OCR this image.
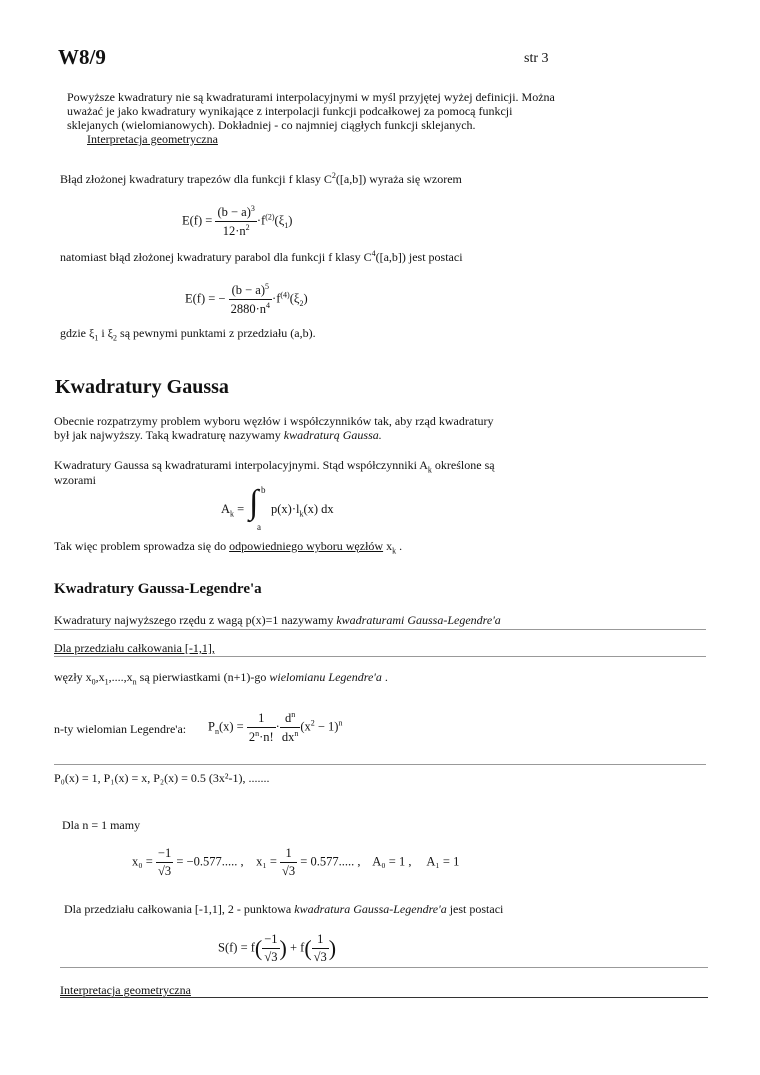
W8/9	str 3
Powyższe kwadratury nie są kwadraturami interpolacyjnymi w myśl przyjętej wyżej definicji. Można
uważać je jako kwadratury wynikające z interpolacji funkcji podcałkowej za pomocą funkcji
sklejanych (wielomianowych). Dokładniej - co najmniej ciągłych funkcji sklejanych.
Interpretacja geometryczna
Błąd złożonej kwadratury trapezów dla funkcji f klasy $C^2([a,b])$ wyraża się wzorem
$E(f) = \frac{(b - a)^3}{12\cdot n^2} \cdot f^{(2)}(\xi_1)$
natomiast błąd złożonej kwadratury parabol dla funkcji f klasy $C^4([a,b])$ jest postaci
E(f) = − $\frac{(b - a)^5}{2880\cdot n^4} \cdot f^{(4)}(\xi_2)$
gdzie $\xi_1$ i $\xi_2$ są pewnymi punktami z przedziału (a,b).
Kwadratury Gaussa
Obecnie rozpatrzymy problem wyboru węzłów i współczynników tak, aby rząd kwadratury
był jak najwyższy. Taką kwadraturę nazywamy kwadraturą Gaussa.
Kwadratury Gaussa są kwadraturami interpolacyjnymi. Stąd współczynniki $A_k$ określone są
wzorami
$A_k$ = ∫ b
a
$p(x)\cdot l_k(x)$ dx
Tak więc problem sprowadza się do odpowiedniego wyboru węzłów $x_k$ .
Kwadratury Gaussa-Legendre'a
Kwadratury najwyższego rzędu z wagą p(x)=1 nazywamy kwadraturami Gaussa-Legendre'a
Dla przedziału całkowania [-1,1],
węzły $x_0,x_1,....,x_n$ są pierwiastkami (n+1)-go wielomianu Legendre'a .
n-ty wielomian Legendre'a: $P_n(x) = \frac{1}{2^n\cdot n!} \cdot \frac{d^n}{dx^n} (x^2 - 1)^n$
P₀(x) = 1, P₁(x) = x, P₂(x) = 0.5 (3x²-1), .......
Dla n = 1 mamy
$x_0 = \frac{-1}{√3} = -0.577$..... , $x_1 = \frac{1}{√3} = 0.577$..... , A₀ = 1 , A₁ = 1
Dla przedziału całkowania [-1,1], 2 - punktowa kwadratura Gaussa-Legendre'a jest postaci
$S(f) = f( \frac{-1}{√3}$ ) + $f( \frac{1}{√3}$ )
Interpretacja geometryczna
